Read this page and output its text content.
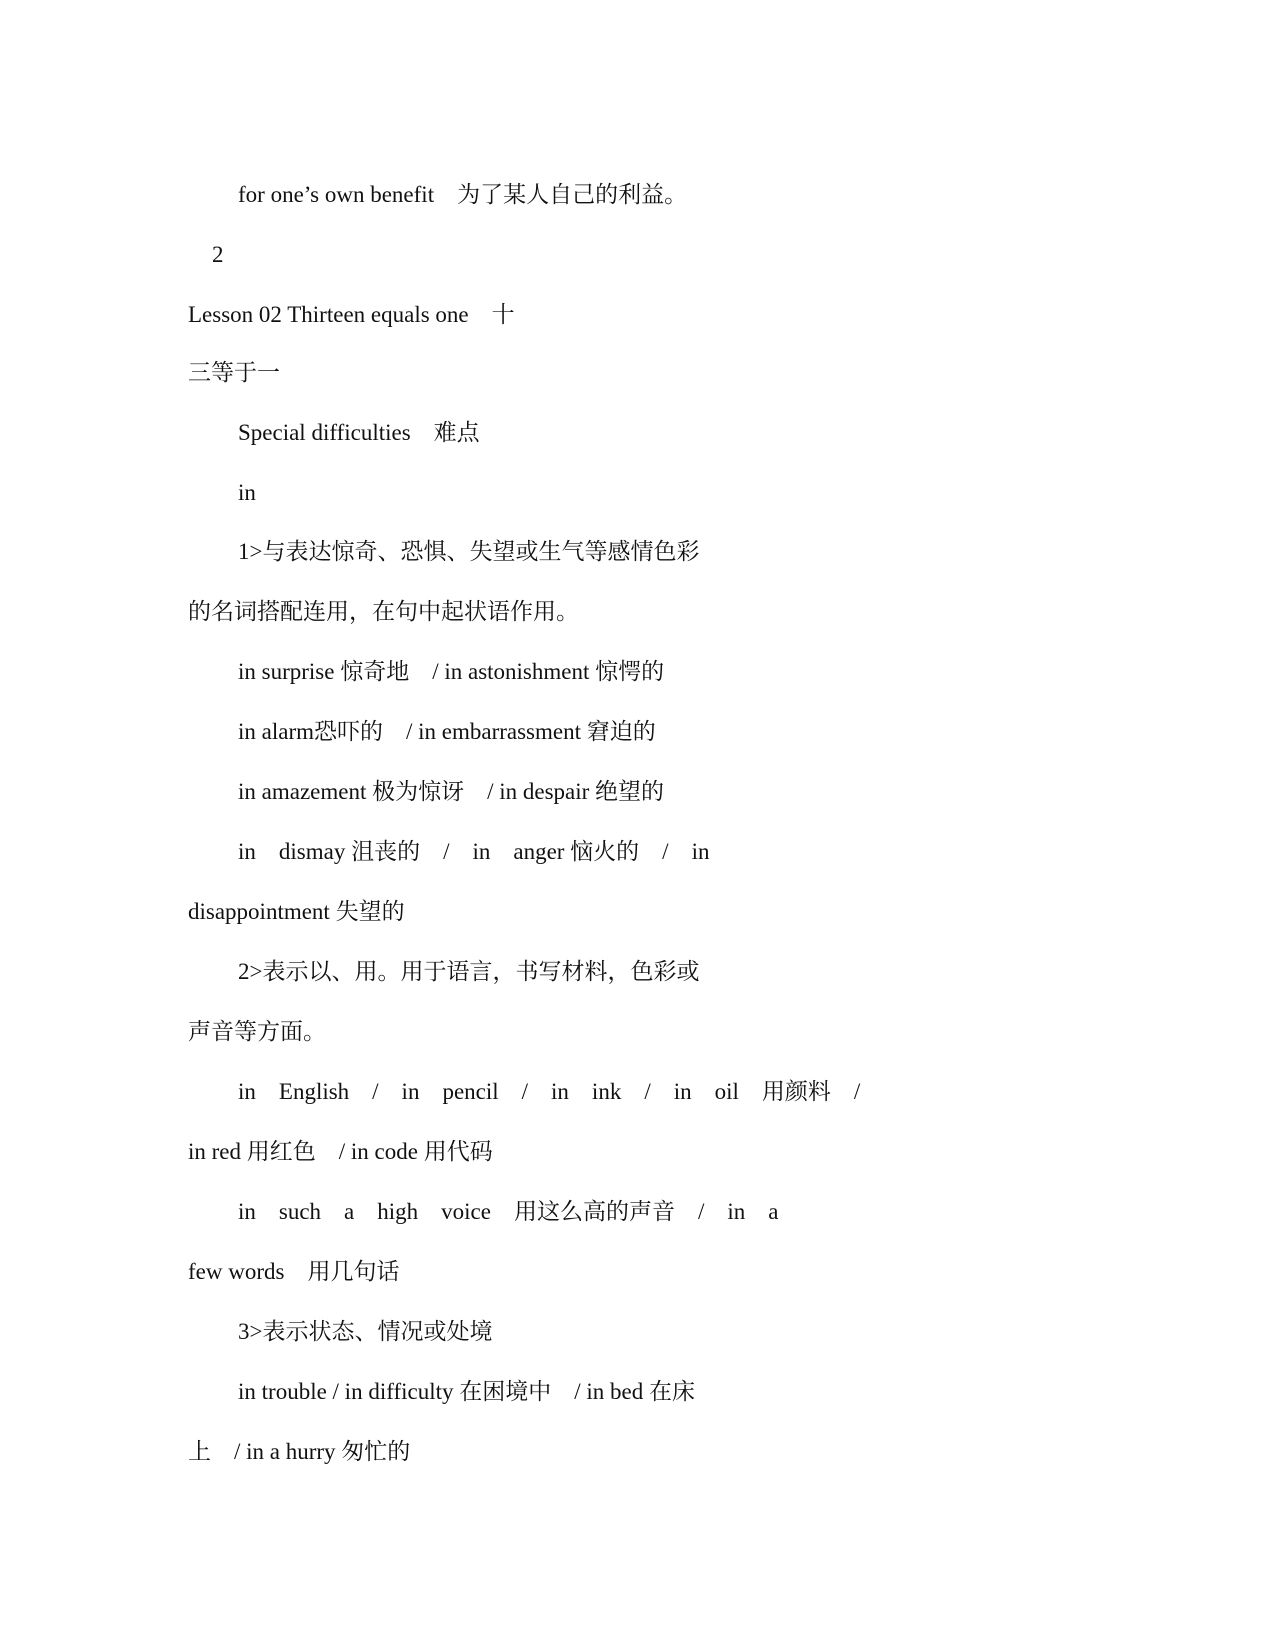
for one’s own benefit　为了某人自己的利益。
2
Lesson 02 Thirteen equals one　十
三等于一
Special difficulties　难点
in
1>与表达惊奇、恐惧、失望或生气等感情色彩
的名词搭配连用，在句中起状语作用。
in surprise 惊奇地　/ in astonishment 惊愕的
in alarm恐吓的　/ in embarrassment 窘迫的
in amazement 极为惊讶　/ in despair 绝望的
in　dismay 沮丧的　/　in　anger 恼火的　/　in
disappointment 失望的
2>表示以、用。用于语言，书写材料，色彩或
声音等方面。
in　English　/　in　pencil　/　in　ink　/　in　oil　用颜料　/
in red 用红色　/ in code 用代码
in　such　a　high　voice　用这么高的声音　/　in　a
few words　用几句话
3>表示状态、情况或处境
in trouble / in difficulty 在困境中　/ in bed 在床
上　/ in a hurry 匆忙的
